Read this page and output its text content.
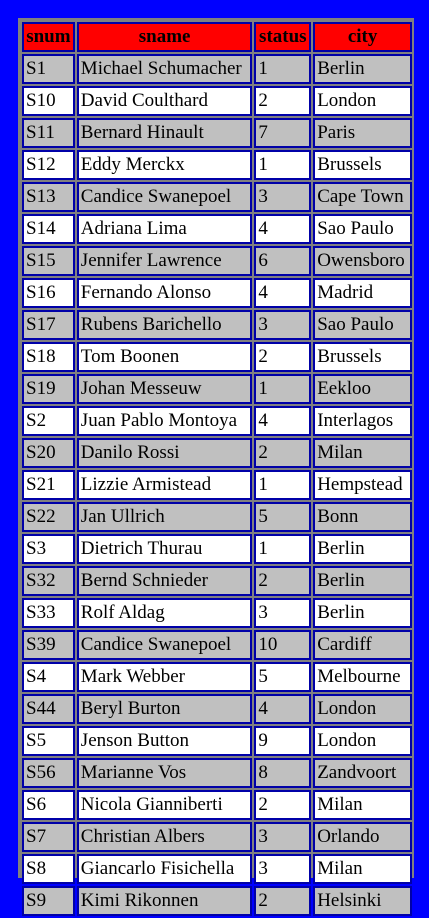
snum	sname	status	city
S1	Michael Schumacher	1	Berlin
S10	David Coulthard	2	London
S11	Bernard Hinault	7	Paris
S12	Eddy Merckx	1	Brussels
S13	Candice Swanepoel	3	Cape Town
S14	Adriana Lima	4	Sao Paulo
S15	Jennifer Lawrence	6	Owensboro
S16	Fernando Alonso	4	Madrid
S17	Rubens Barichello	3	Sao Paulo
S18	Tom Boonen	2	Brussels
S19	Johan Messeuw	1	Eekloo
S2	Juan Pablo Montoya	4	Interlagos
S20	Danilo Rossi	2	Milan
S21	Lizzie Armistead	1	Hempstead
S22	Jan Ullrich	5	Bonn
S3	Dietrich Thurau	1	Berlin
S32	Bernd Schnieder	2	Berlin
S33	Rolf Aldag	3	Berlin
S39	Candice Swanepoel	10	Cardiff
S4	Mark Webber	5	Melbourne
S44	Beryl Burton	4	London
S5	Jenson Button	9	London
S56	Marianne Vos	8	Zandvoort
S6	Nicola Gianniberti	2	Milan
S7	Christian Albers	3	Orlando
S8	Giancarlo Fisichella	3	Milan
S9	Kimi Rikonnen	2	Helsinki
